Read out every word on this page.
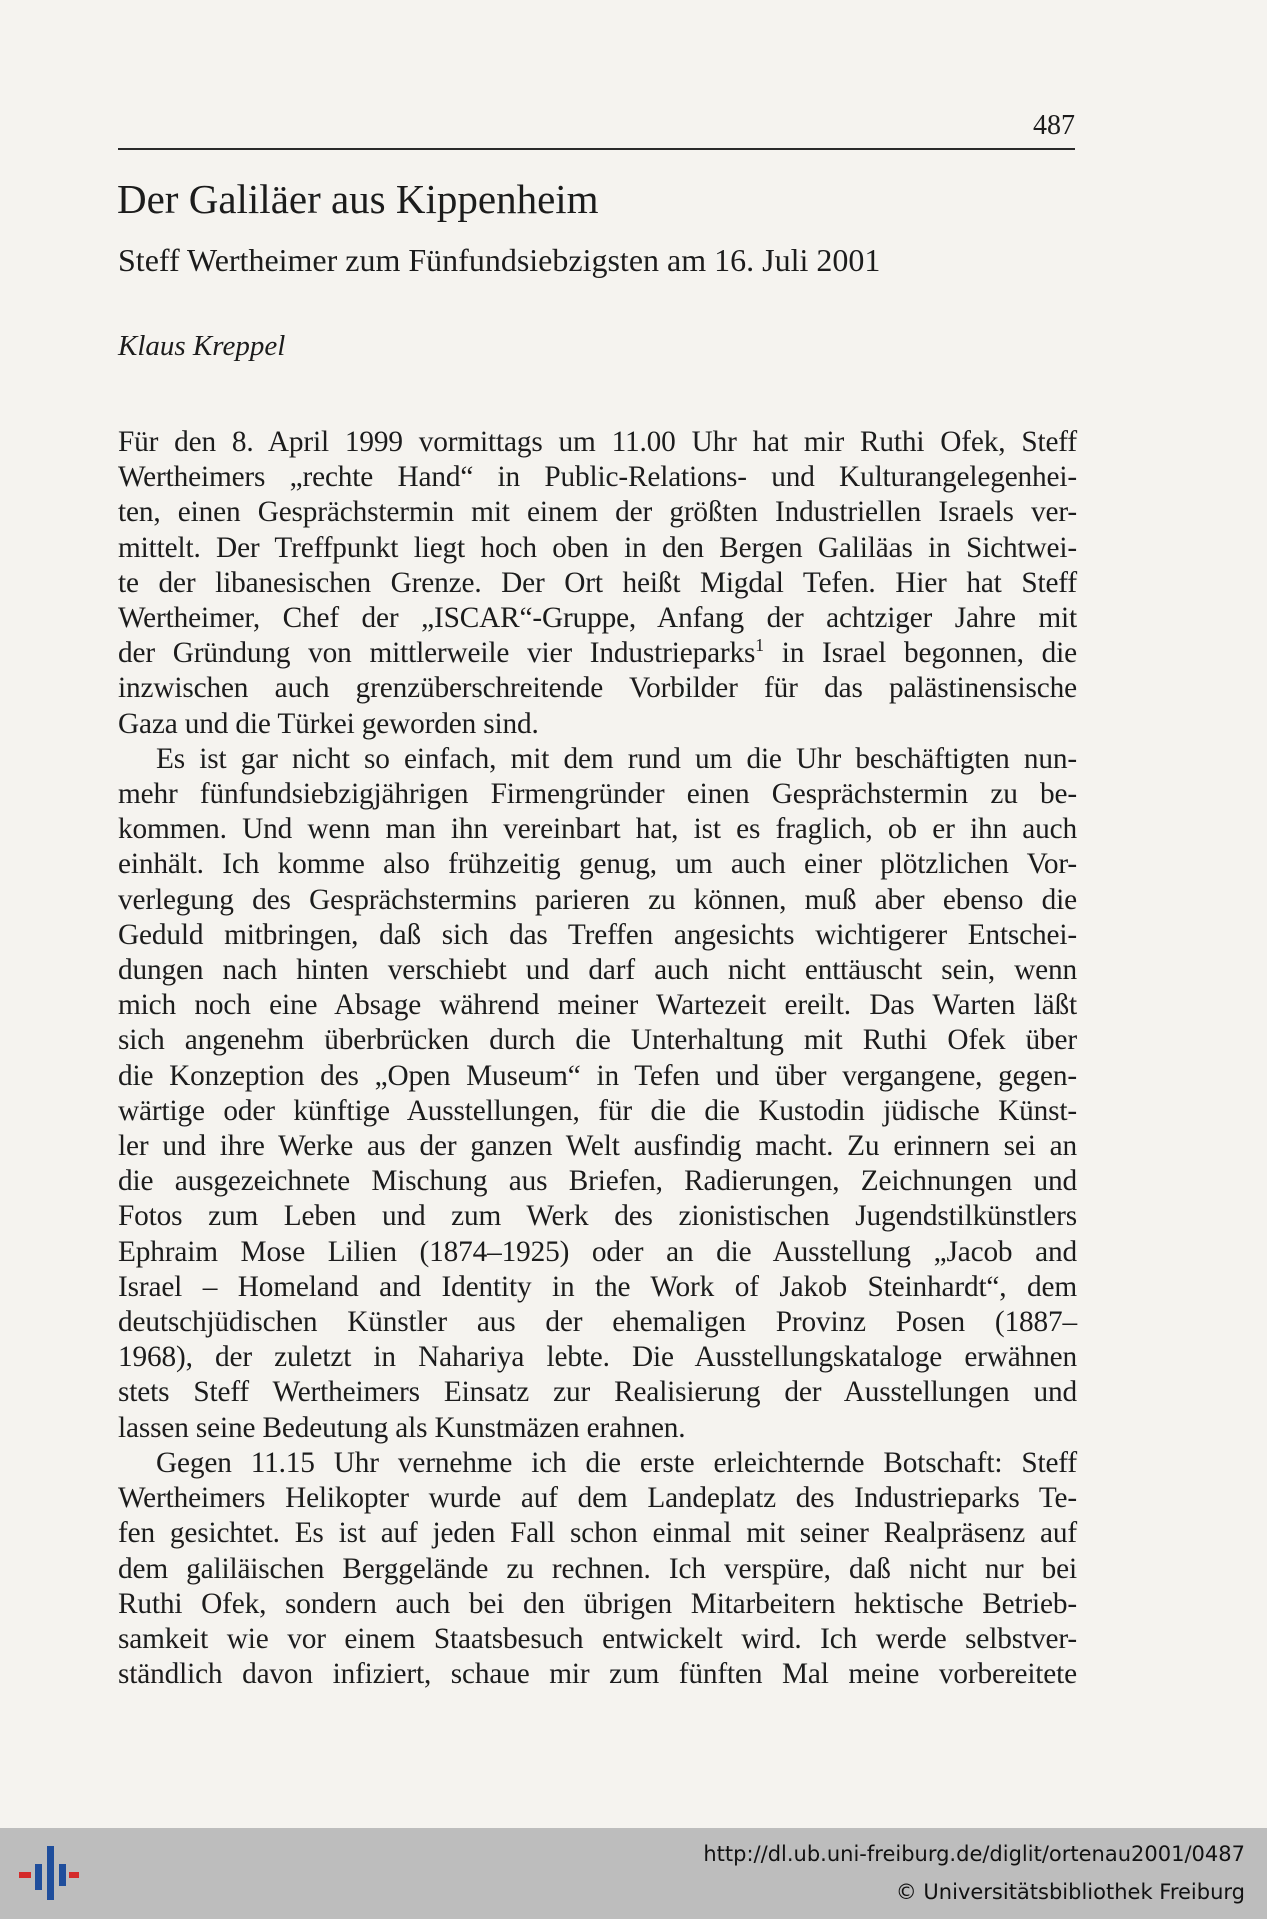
487
Der Galiläer aus Kippenheim
Steff Wertheimer zum Fünfundsiebzigsten am 16. Juli 2001
Klaus Kreppel

Für den 8. April 1999 vormittags um 11.00 Uhr hat mir Ruthi Ofek, Steff
Wertheimers „rechte Hand“ in Public-Relations- und Kulturangelegenhei-
ten, einen Gesprächstermin mit einem der größten Industriellen Israels ver-
mittelt. Der Treffpunkt liegt hoch oben in den Bergen Galiläas in Sichtwei-
te der libanesischen Grenze. Der Ort heißt Migdal Tefen. Hier hat Steff
Wertheimer, Chef der „ISCAR“-Gruppe, Anfang der achtziger Jahre mit
der Gründung von mittlerweile vier Industrieparks$^1$ in Israel begonnen, die
inzwischen auch grenzüberschreitende Vorbilder für das palästinensische
Gaza und die Türkei geworden sind.

Es ist gar nicht so einfach, mit dem rund um die Uhr beschäftigten nun-
mehr fünfundsiebzigjährigen Firmengründer einen Gesprächstermin zu be-
kommen. Und wenn man ihn vereinbart hat, ist es fraglich, ob er ihn auch
einhält. Ich komme also frühzeitig genug, um auch einer plötzlichen Vor-
verlegung des Gesprächstermins parieren zu können, muß aber ebenso die
Geduld mitbringen, daß sich das Treffen angesichts wichtigerer Entschei-
dungen nach hinten verschiebt und darf auch nicht enttäuscht sein, wenn
mich noch eine Absage während meiner Wartezeit ereilt. Das Warten läßt
sich angenehm überbrücken durch die Unterhaltung mit Ruthi Ofek über
die Konzeption des „Open Museum“ in Tefen und über vergangene, gegen-
wärtige oder künftige Ausstellungen, für die die Kustodin jüdische Künst-
ler und ihre Werke aus der ganzen Welt ausfindig macht. Zu erinnern sei an
die ausgezeichnete Mischung aus Briefen, Radierungen, Zeichnungen und
Fotos zum Leben und zum Werk des zionistischen Jugendstilkünstlers
Ephraim Mose Lilien (1874–1925) oder an die Ausstellung „Jacob and
Israel – Homeland and Identity in the Work of Jakob Steinhardt“, dem
deutschjüdischen Künstler aus der ehemaligen Provinz Posen (1887–
1968), der zuletzt in Nahariya lebte. Die Ausstellungskataloge erwähnen
stets Steff Wertheimers Einsatz zur Realisierung der Ausstellungen und
lassen seine Bedeutung als Kunstmäzen erahnen.

Gegen 11.15 Uhr vernehme ich die erste erleichternde Botschaft: Steff
Wertheimers Helikopter wurde auf dem Landeplatz des Industrieparks Te-
fen gesichtet. Es ist auf jeden Fall schon einmal mit seiner Realpräsenz auf
dem galiläischen Berggelände zu rechnen. Ich verspüre, daß nicht nur bei
Ruthi Ofek, sondern auch bei den übrigen Mitarbeitern hektische Betrieb-
samkeit wie vor einem Staatsbesuch entwickelt wird. Ich werde selbstver-
ständlich davon infiziert, schaue mir zum fünften Mal meine vorbereitete

http://dl.ub.uni-freiburg.de/diglit/ortenau2001/0487
© Universitätsbibliothek Freiburg
